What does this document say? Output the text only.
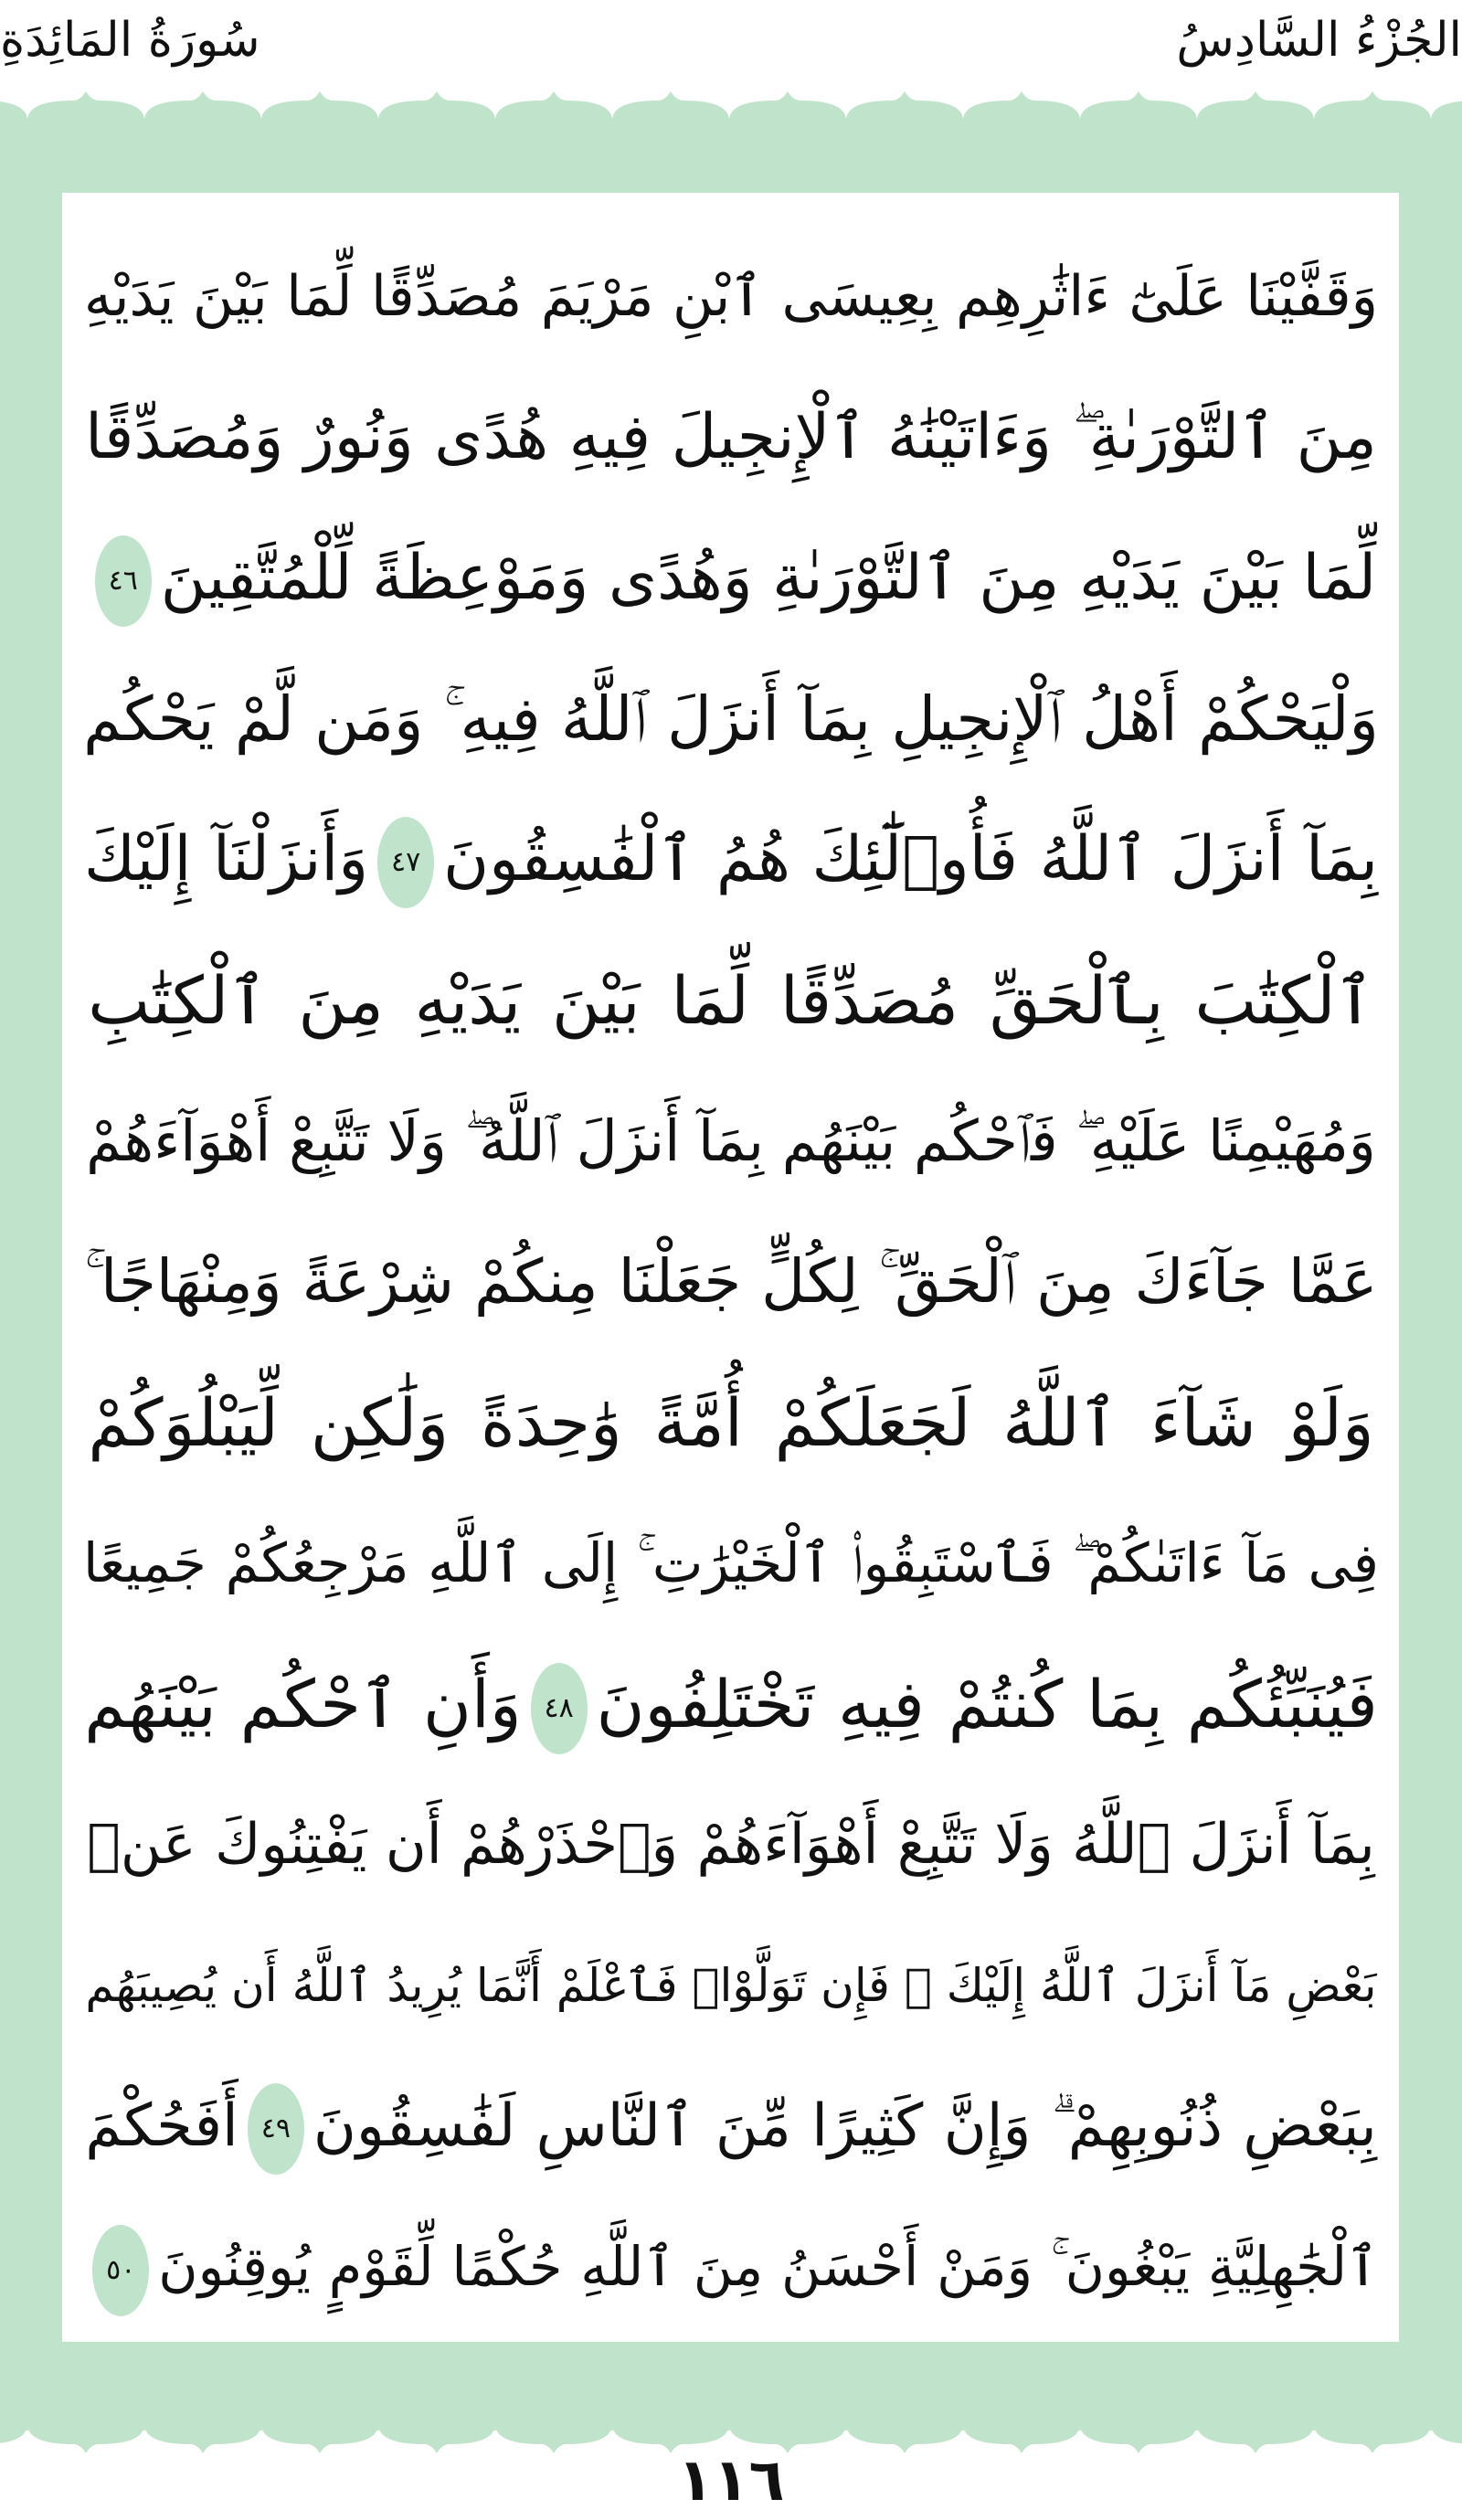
الجُزْءُ السَّادِسُ
سُورَةُ المَائِدَةِ
وَقَفَّيْنَا عَلَىٰٓ ءَاثَٰرِهِم بِعِيسَى ٱبْنِ مَرْيَمَ مُصَدِّقًا لِّمَا بَيْنَ يَدَيْهِ
مِنَ ٱلتَّوْرَىٰةِ ۖ وَءَاتَيْنَٰهُ ٱلْإِنجِيلَ فِيهِ هُدًى وَنُورٌ وَمُصَدِّقًا
لِّمَا بَيْنَ يَدَيْهِ مِنَ ٱلتَّوْرَىٰةِ وَهُدًى وَمَوْعِظَةً لِّلْمُتَّقِينَ٤٦
وَلْيَحْكُمْ أَهْلُ ٱلْإِنجِيلِ بِمَآ أَنزَلَ ٱللَّهُ فِيهِ ۚ وَمَن لَّمْ يَحْكُم
بِمَآ أَنزَلَ ٱللَّهُ فَأُو۟لَٰٓئِكَ هُمُ ٱلْفَٰسِقُونَ٤٧وَأَنزَلْنَآ إِلَيْكَ
ٱلْكِتَٰبَ بِٱلْحَقِّ مُصَدِّقًا لِّمَا بَيْنَ يَدَيْهِ مِنَ ٱلْكِتَٰبِ
وَمُهَيْمِنًا عَلَيْهِ ۖ فَٱحْكُم بَيْنَهُم بِمَآ أَنزَلَ ٱللَّهُ ۖ وَلَا تَتَّبِعْ أَهْوَآءَهُمْ
عَمَّا جَآءَكَ مِنَ ٱلْحَقِّ ۚ لِكُلٍّ جَعَلْنَا مِنكُمْ شِرْعَةً وَمِنْهَاجًا ۚ
وَلَوْ شَآءَ ٱللَّهُ لَجَعَلَكُمْ أُمَّةً وَٰحِدَةً وَلَٰكِن لِّيَبْلُوَكُمْ
فِى مَآ ءَاتَىٰكُمْ ۖ فَٱسْتَبِقُوا۟ ٱلْخَيْرَٰتِ ۚ إِلَى ٱللَّهِ مَرْجِعُكُمْ جَمِيعًا
فَيُنَبِّئُكُم بِمَا كُنتُمْ فِيهِ تَخْتَلِفُونَ٤٨وَأَنِ ٱحْكُم بَيْنَهُم
بِمَآ أَنزَلَ ٱللَّهُ وَلَا تَتَّبِعْ أَهْوَآءَهُمْ وَٱحْذَرْهُمْ أَن يَفْتِنُوكَ عَنۢ
بَعْضِ مَآ أَنزَلَ ٱللَّهُ إِلَيْكَ ۖ فَإِن تَوَلَّوْا۟ فَٱعْلَمْ أَنَّمَا يُرِيدُ ٱللَّهُ أَن يُصِيبَهُم
بِبَعْضِ ذُنُوبِهِمْ ۗ وَإِنَّ كَثِيرًا مِّنَ ٱلنَّاسِ لَفَٰسِقُونَ٤٩أَفَحُكْمَ
ٱلْجَٰهِلِيَّةِ يَبْغُونَ ۚ وَمَنْ أَحْسَنُ مِنَ ٱللَّهِ حُكْمًا لِّقَوْمٍ يُوقِنُونَ٥٠
١١٦
